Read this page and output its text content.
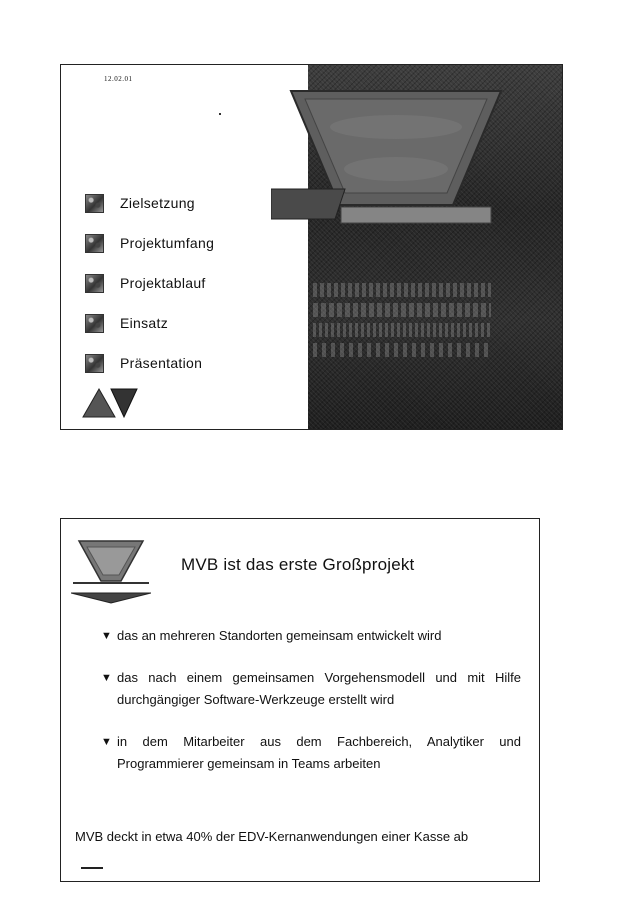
12.02.01
Zielsetzung
Projektumfang
Projektablauf
Einsatz
Präsentation
MVB ist das erste Großprojekt
▼ das an mehreren Standorten gemeinsam entwickelt wird
▼ das nach einem gemeinsamen Vorgehensmodell und mit Hilfe durchgängiger Software-Werkzeuge erstellt wird
▼ in dem Mitarbeiter aus dem Fachbereich, Analytiker und Programmierer gemeinsam in Teams arbeiten
MVB deckt in etwa 40% der EDV-Kernanwendungen einer Kasse ab
